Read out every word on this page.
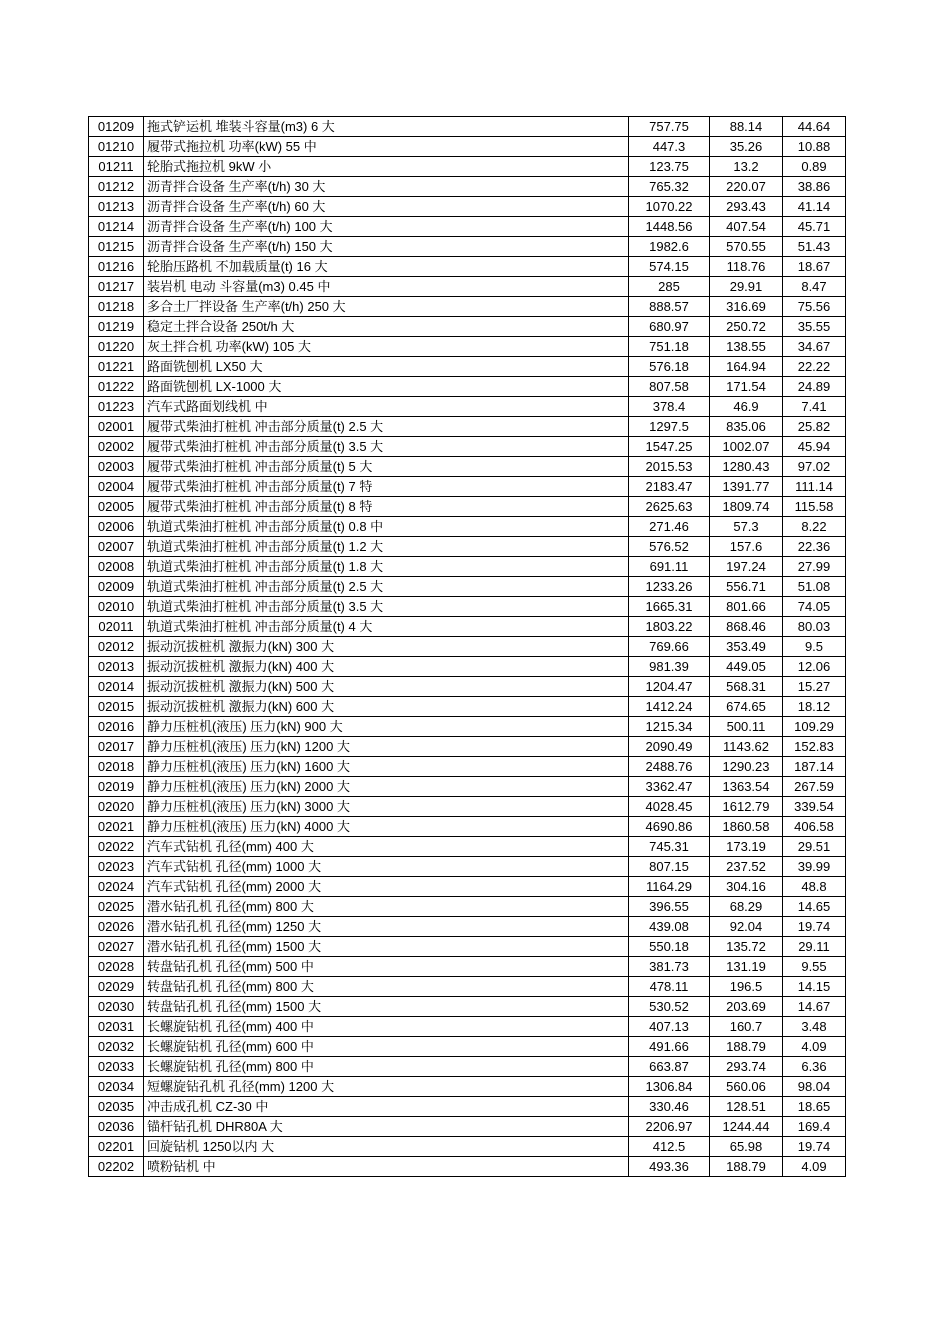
01209	拖式铲运机 堆装斗容量(m3) 6 大	757.75	88.14	44.64
01210	履带式拖拉机 功率(kW) 55 中	447.3	35.26	10.88
01211	轮胎式拖拉机 9kW 小	123.75	13.2	0.89
01212	沥青拌合设备 生产率(t/h) 30 大	765.32	220.07	38.86
01213	沥青拌合设备 生产率(t/h) 60 大	1070.22	293.43	41.14
01214	沥青拌合设备 生产率(t/h) 100 大	1448.56	407.54	45.71
01215	沥青拌合设备 生产率(t/h) 150 大	1982.6	570.55	51.43
01216	轮胎压路机 不加载质量(t) 16 大	574.15	118.76	18.67
01217	装岩机 电动 斗容量(m3) 0.45 中	285	29.91	8.47
01218	多合土厂拌设备 生产率(t/h) 250 大	888.57	316.69	75.56
01219	稳定土拌合设备 250t/h 大	680.97	250.72	35.55
01220	灰土拌合机 功率(kW) 105 大	751.18	138.55	34.67
01221	路面铣刨机 LX50 大	576.18	164.94	22.22
01222	路面铣刨机 LX-1000 大	807.58	171.54	24.89
01223	汽车式路面划线机 中	378.4	46.9	7.41
02001	履带式柴油打桩机 冲击部分质量(t) 2.5 大	1297.5	835.06	25.82
02002	履带式柴油打桩机 冲击部分质量(t) 3.5 大	1547.25	1002.07	45.94
02003	履带式柴油打桩机 冲击部分质量(t) 5 大	2015.53	1280.43	97.02
02004	履带式柴油打桩机 冲击部分质量(t) 7 特	2183.47	1391.77	111.14
02005	履带式柴油打桩机 冲击部分质量(t) 8 特	2625.63	1809.74	115.58
02006	轨道式柴油打桩机 冲击部分质量(t) 0.8 中	271.46	57.3	8.22
02007	轨道式柴油打桩机 冲击部分质量(t) 1.2 大	576.52	157.6	22.36
02008	轨道式柴油打桩机 冲击部分质量(t) 1.8 大	691.11	197.24	27.99
02009	轨道式柴油打桩机 冲击部分质量(t) 2.5 大	1233.26	556.71	51.08
02010	轨道式柴油打桩机 冲击部分质量(t) 3.5 大	1665.31	801.66	74.05
02011	轨道式柴油打桩机 冲击部分质量(t) 4 大	1803.22	868.46	80.03
02012	振动沉拔桩机 激振力(kN) 300 大	769.66	353.49	9.5
02013	振动沉拔桩机 激振力(kN) 400 大	981.39	449.05	12.06
02014	振动沉拔桩机 激振力(kN) 500 大	1204.47	568.31	15.27
02015	振动沉拔桩机 激振力(kN) 600 大	1412.24	674.65	18.12
02016	静力压桩机(液压) 压力(kN) 900 大	1215.34	500.11	109.29
02017	静力压桩机(液压) 压力(kN) 1200 大	2090.49	1143.62	152.83
02018	静力压桩机(液压) 压力(kN) 1600 大	2488.76	1290.23	187.14
02019	静力压桩机(液压) 压力(kN) 2000 大	3362.47	1363.54	267.59
02020	静力压桩机(液压) 压力(kN) 3000 大	4028.45	1612.79	339.54
02021	静力压桩机(液压) 压力(kN) 4000 大	4690.86	1860.58	406.58
02022	汽车式钻机 孔径(mm) 400 大	745.31	173.19	29.51
02023	汽车式钻机 孔径(mm) 1000 大	807.15	237.52	39.99
02024	汽车式钻机 孔径(mm) 2000 大	1164.29	304.16	48.8
02025	潜水钻孔机 孔径(mm) 800 大	396.55	68.29	14.65
02026	潜水钻孔机 孔径(mm) 1250 大	439.08	92.04	19.74
02027	潜水钻孔机 孔径(mm) 1500 大	550.18	135.72	29.11
02028	转盘钻孔机 孔径(mm) 500 中	381.73	131.19	9.55
02029	转盘钻孔机 孔径(mm) 800 大	478.11	196.5	14.15
02030	转盘钻孔机 孔径(mm) 1500 大	530.52	203.69	14.67
02031	长螺旋钻机 孔径(mm) 400 中	407.13	160.7	3.48
02032	长螺旋钻机 孔径(mm) 600 中	491.66	188.79	4.09
02033	长螺旋钻机 孔径(mm) 800 中	663.87	293.74	6.36
02034	短螺旋钻孔机 孔径(mm) 1200 大	1306.84	560.06	98.04
02035	冲击成孔机 CZ-30 中	330.46	128.51	18.65
02036	锚杆钻孔机 DHR80A 大	2206.97	1244.44	169.4
02201	回旋钻机 1250以内 大	412.5	65.98	19.74
02202	喷粉钻机 中	493.36	188.79	4.09
